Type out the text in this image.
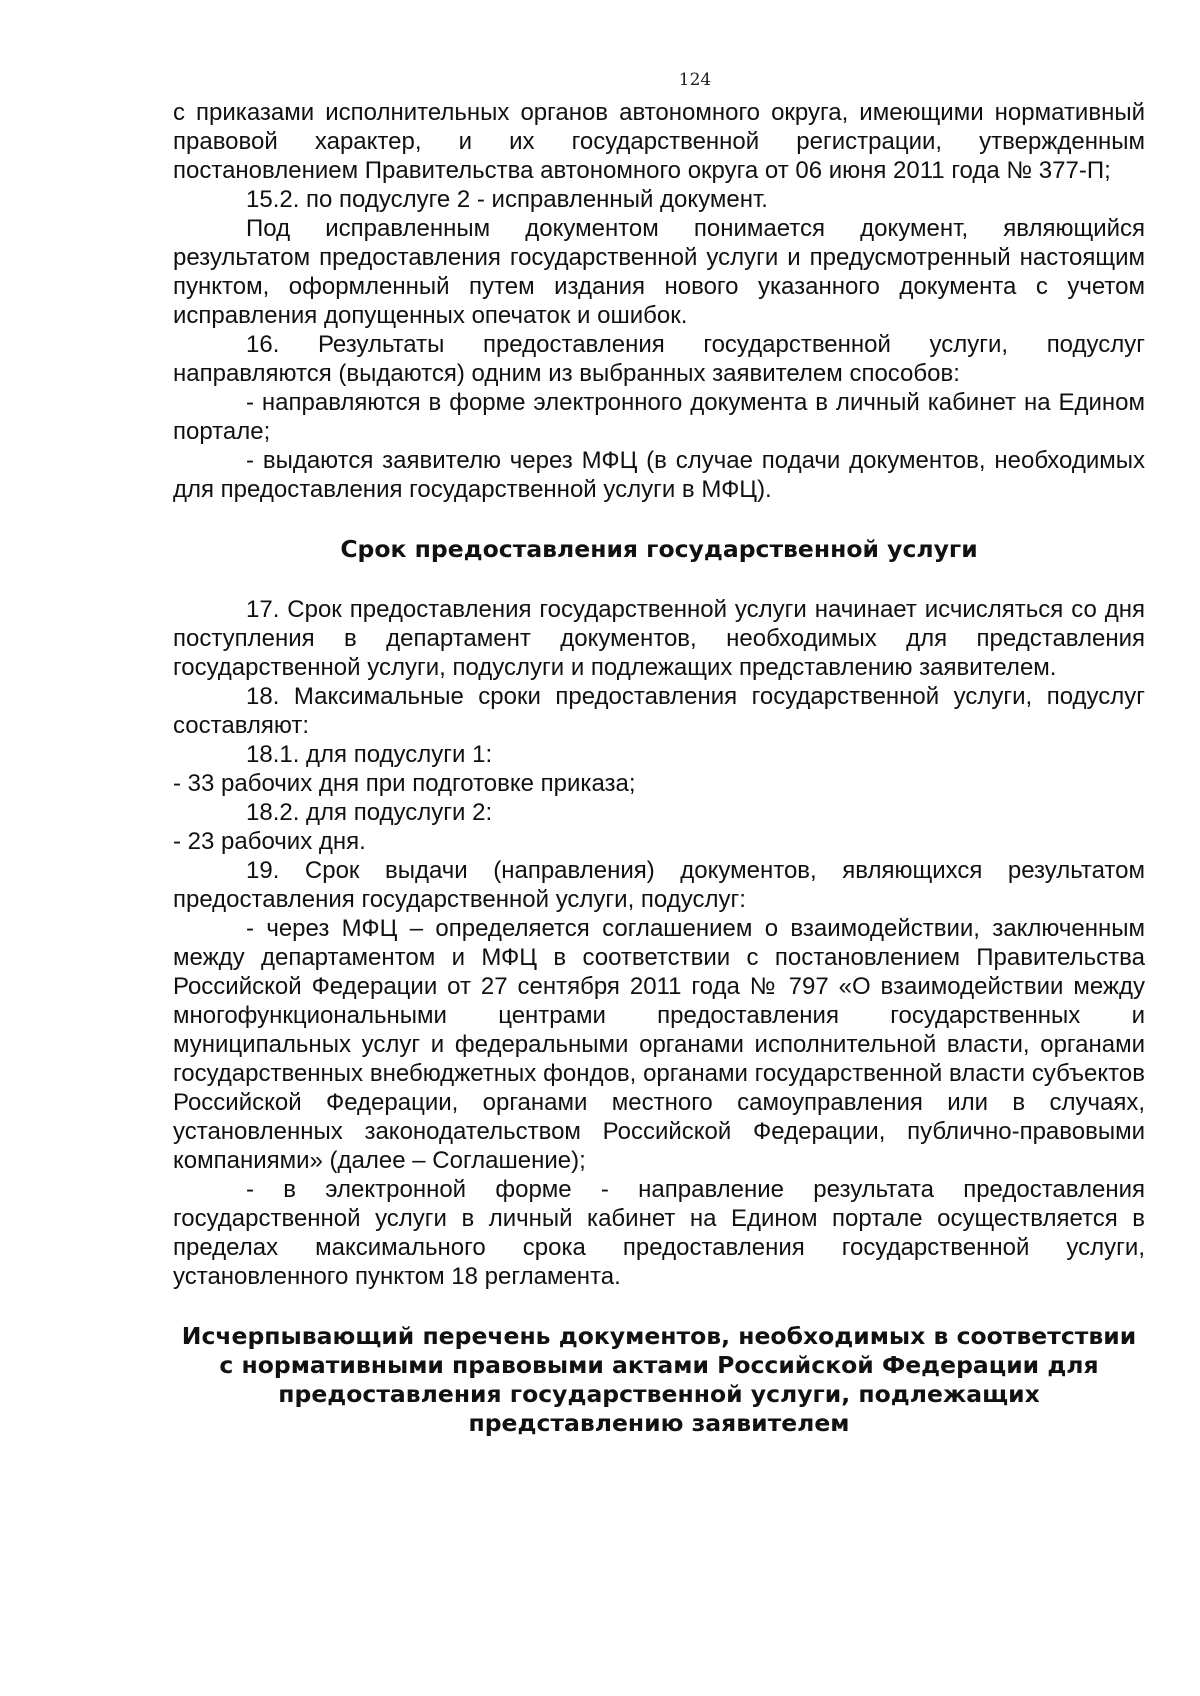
124

с приказами исполнительных органов автономного округа, имеющими нормативный правовой характер, и их государственной регистрации, утвержденным постановлением Правительства автономного округа от 06 июня 2011 года № 377-П;

15.2. по подуслуге 2 - исправленный документ.

Под исправленным документом понимается документ, являющийся результатом предоставления государственной услуги и предусмотренный настоящим пунктом, оформленный путем издания нового указанного документа с учетом исправления допущенных опечаток и ошибок.

16. Результаты предоставления государственной услуги, подуслуг направляются (выдаются) одним из выбранных заявителем способов:

- направляются в форме электронного документа в личный кабинет на Едином портале;

- выдаются заявителю через МФЦ (в случае подачи документов, необходимых для предоставления государственной услуги в МФЦ).

Срок предоставления государственной услуги

17. Срок предоставления государственной услуги начинает исчисляться со дня поступления в департамент документов, необходимых для представления государственной услуги, подуслуги и подлежащих представлению заявителем.

18. Максимальные сроки предоставления государственной услуги, подуслуг составляют:

18.1. для подуслуги 1:

- 33 рабочих дня при подготовке приказа;

18.2. для подуслуги 2:

- 23 рабочих дня.

19. Срок выдачи (направления) документов, являющихся результатом предоставления государственной услуги, подуслуг:

- через МФЦ – определяется соглашением о взаимодействии, заключенным между департаментом и МФЦ в соответствии с постановлением Правительства Российской Федерации от 27 сентября 2011 года № 797 «О взаимодействии между многофункциональными центрами предоставления государственных и муниципальных услуг и федеральными органами исполнительной власти, органами государственных внебюджетных фондов, органами государственной власти субъектов Российской Федерации, органами местного самоуправления или в случаях, установленных законодательством Российской Федерации, публично-правовыми компаниями» (далее – Соглашение);

- в электронной форме - направление результата предоставления государственной услуги в личный кабинет на Едином портале осуществляется в пределах максимального срока предоставления государственной услуги, установленного пунктом 18 регламента.

Исчерпывающий перечень документов, необходимых в соответствии с нормативными правовыми актами Российской Федерации для предоставления государственной услуги, подлежащих представлению заявителем
